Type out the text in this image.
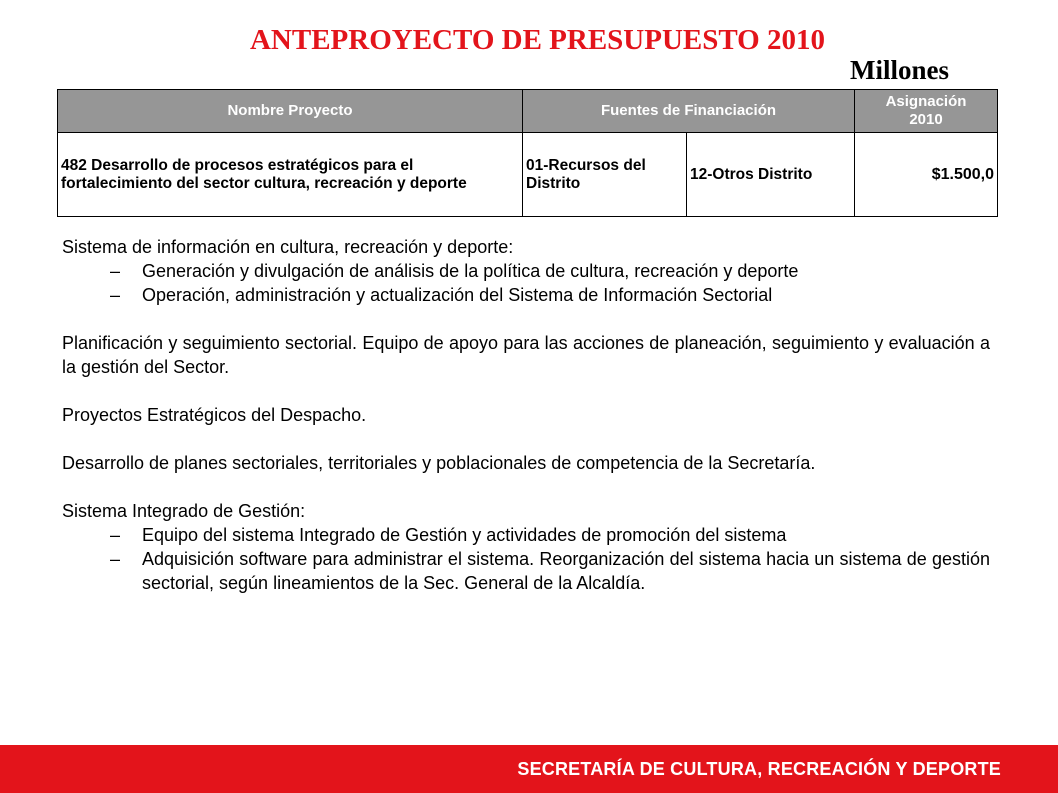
ANTEPROYECTO DE PRESUPUESTO 2010
Millones
Nombre Proyecto	Fuentes de Financiación		Asignación 2010
482 Desarrollo de procesos estratégicos para el fortalecimiento del sector cultura, recreación y deporte	01-Recursos del Distrito	12-Otros Distrito	$1.500,0

Sistema de información en cultura, recreación y deporte:

– Generación y divulgación de análisis de la política de cultura, recreación y deporte
– Operación, administración y actualización del Sistema de Información Sectorial

Planificación y seguimiento sectorial. Equipo de apoyo para las acciones de planeación, seguimiento y evaluación a la gestión del Sector.

Proyectos Estratégicos del Despacho.

Desarrollo de planes sectoriales, territoriales y poblacionales de competencia de la Secretaría.

Sistema Integrado de Gestión:

– Equipo del sistema Integrado de Gestión y actividades de promoción del sistema
– Adquisición software para administrar el sistema. Reorganización del sistema hacia un sistema de gestión sectorial, según lineamientos de la Sec. General de la Alcaldía.
SECRETARÍA DE CULTURA, RECREACIÓN Y DEPORTE
